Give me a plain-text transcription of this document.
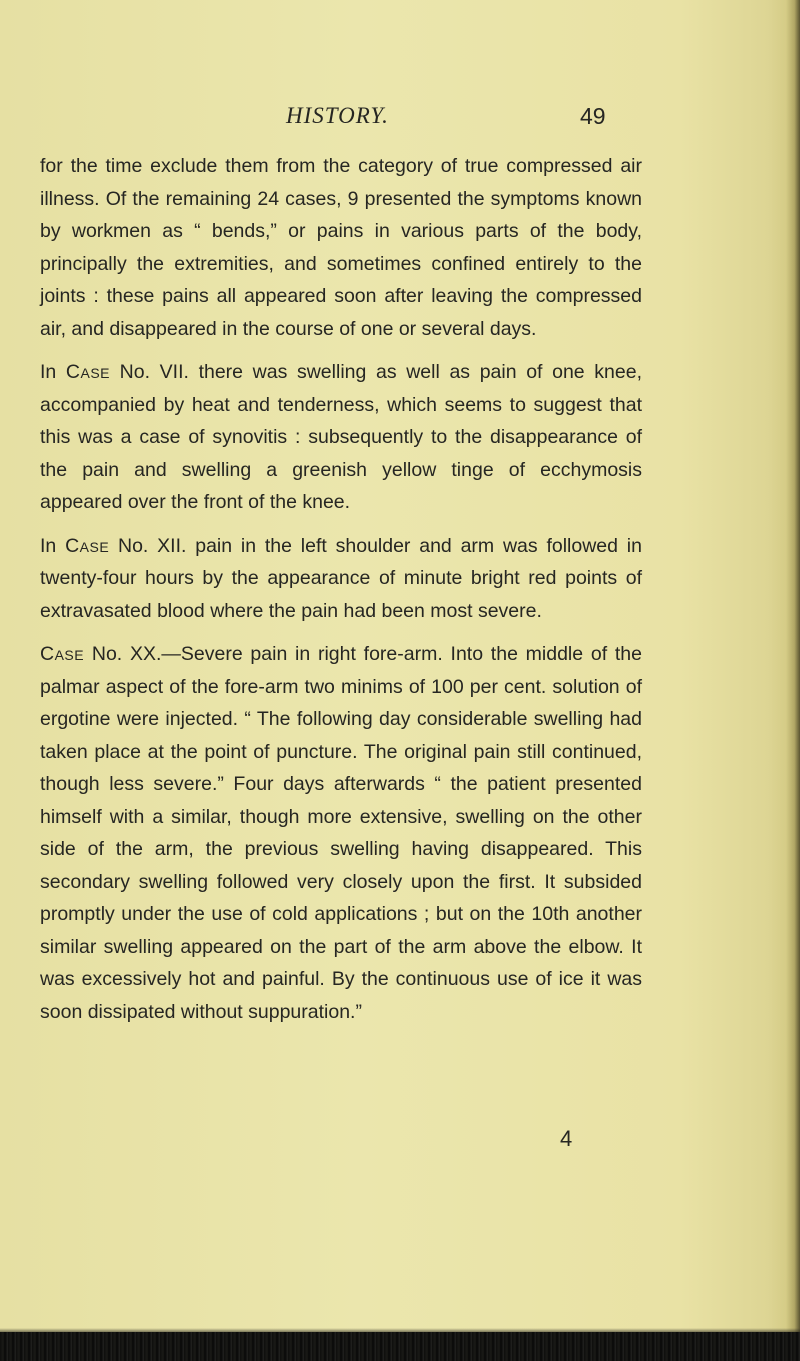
HISTORY.	49

for the time exclude them from the category of true compressed air illness. Of the remaining 24 cases, 9 presented the symptoms known by workmen as “ bends,” or pains in various parts of the body, principally the extremities, and sometimes confined entirely to the joints : these pains all appeared soon after leaving the compressed air, and disappeared in the course of one or several days.

In Case No. VII. there was swelling as well as pain of one knee, accompanied by heat and tenderness, which seems to suggest that this was a case of synovitis : subsequently to the disappearance of the pain and swelling a greenish yellow tinge of ecchymosis appeared over the front of the knee.

In Case No. XII. pain in the left shoulder and arm was followed in twenty-four hours by the appearance of minute bright red points of extravasated blood where the pain had been most severe.

Case No. XX.—Severe pain in right fore-arm. Into the middle of the palmar aspect of the fore-arm two minims of 100 per cent. solution of ergotine were injected. “ The following day considerable swelling had taken place at the point of puncture. The original pain still continued, though less severe.” Four days afterwards “ the patient presented himself with a similar, though more extensive, swelling on the other side of the arm, the previous swelling having disappeared. This secondary swelling followed very closely upon the first. It subsided promptly under the use of cold applications ; but on the 10th another similar swelling appeared on the part of the arm above the elbow. It was excessively hot and painful. By the continuous use of ice it was soon dissipated without suppuration.”

4
